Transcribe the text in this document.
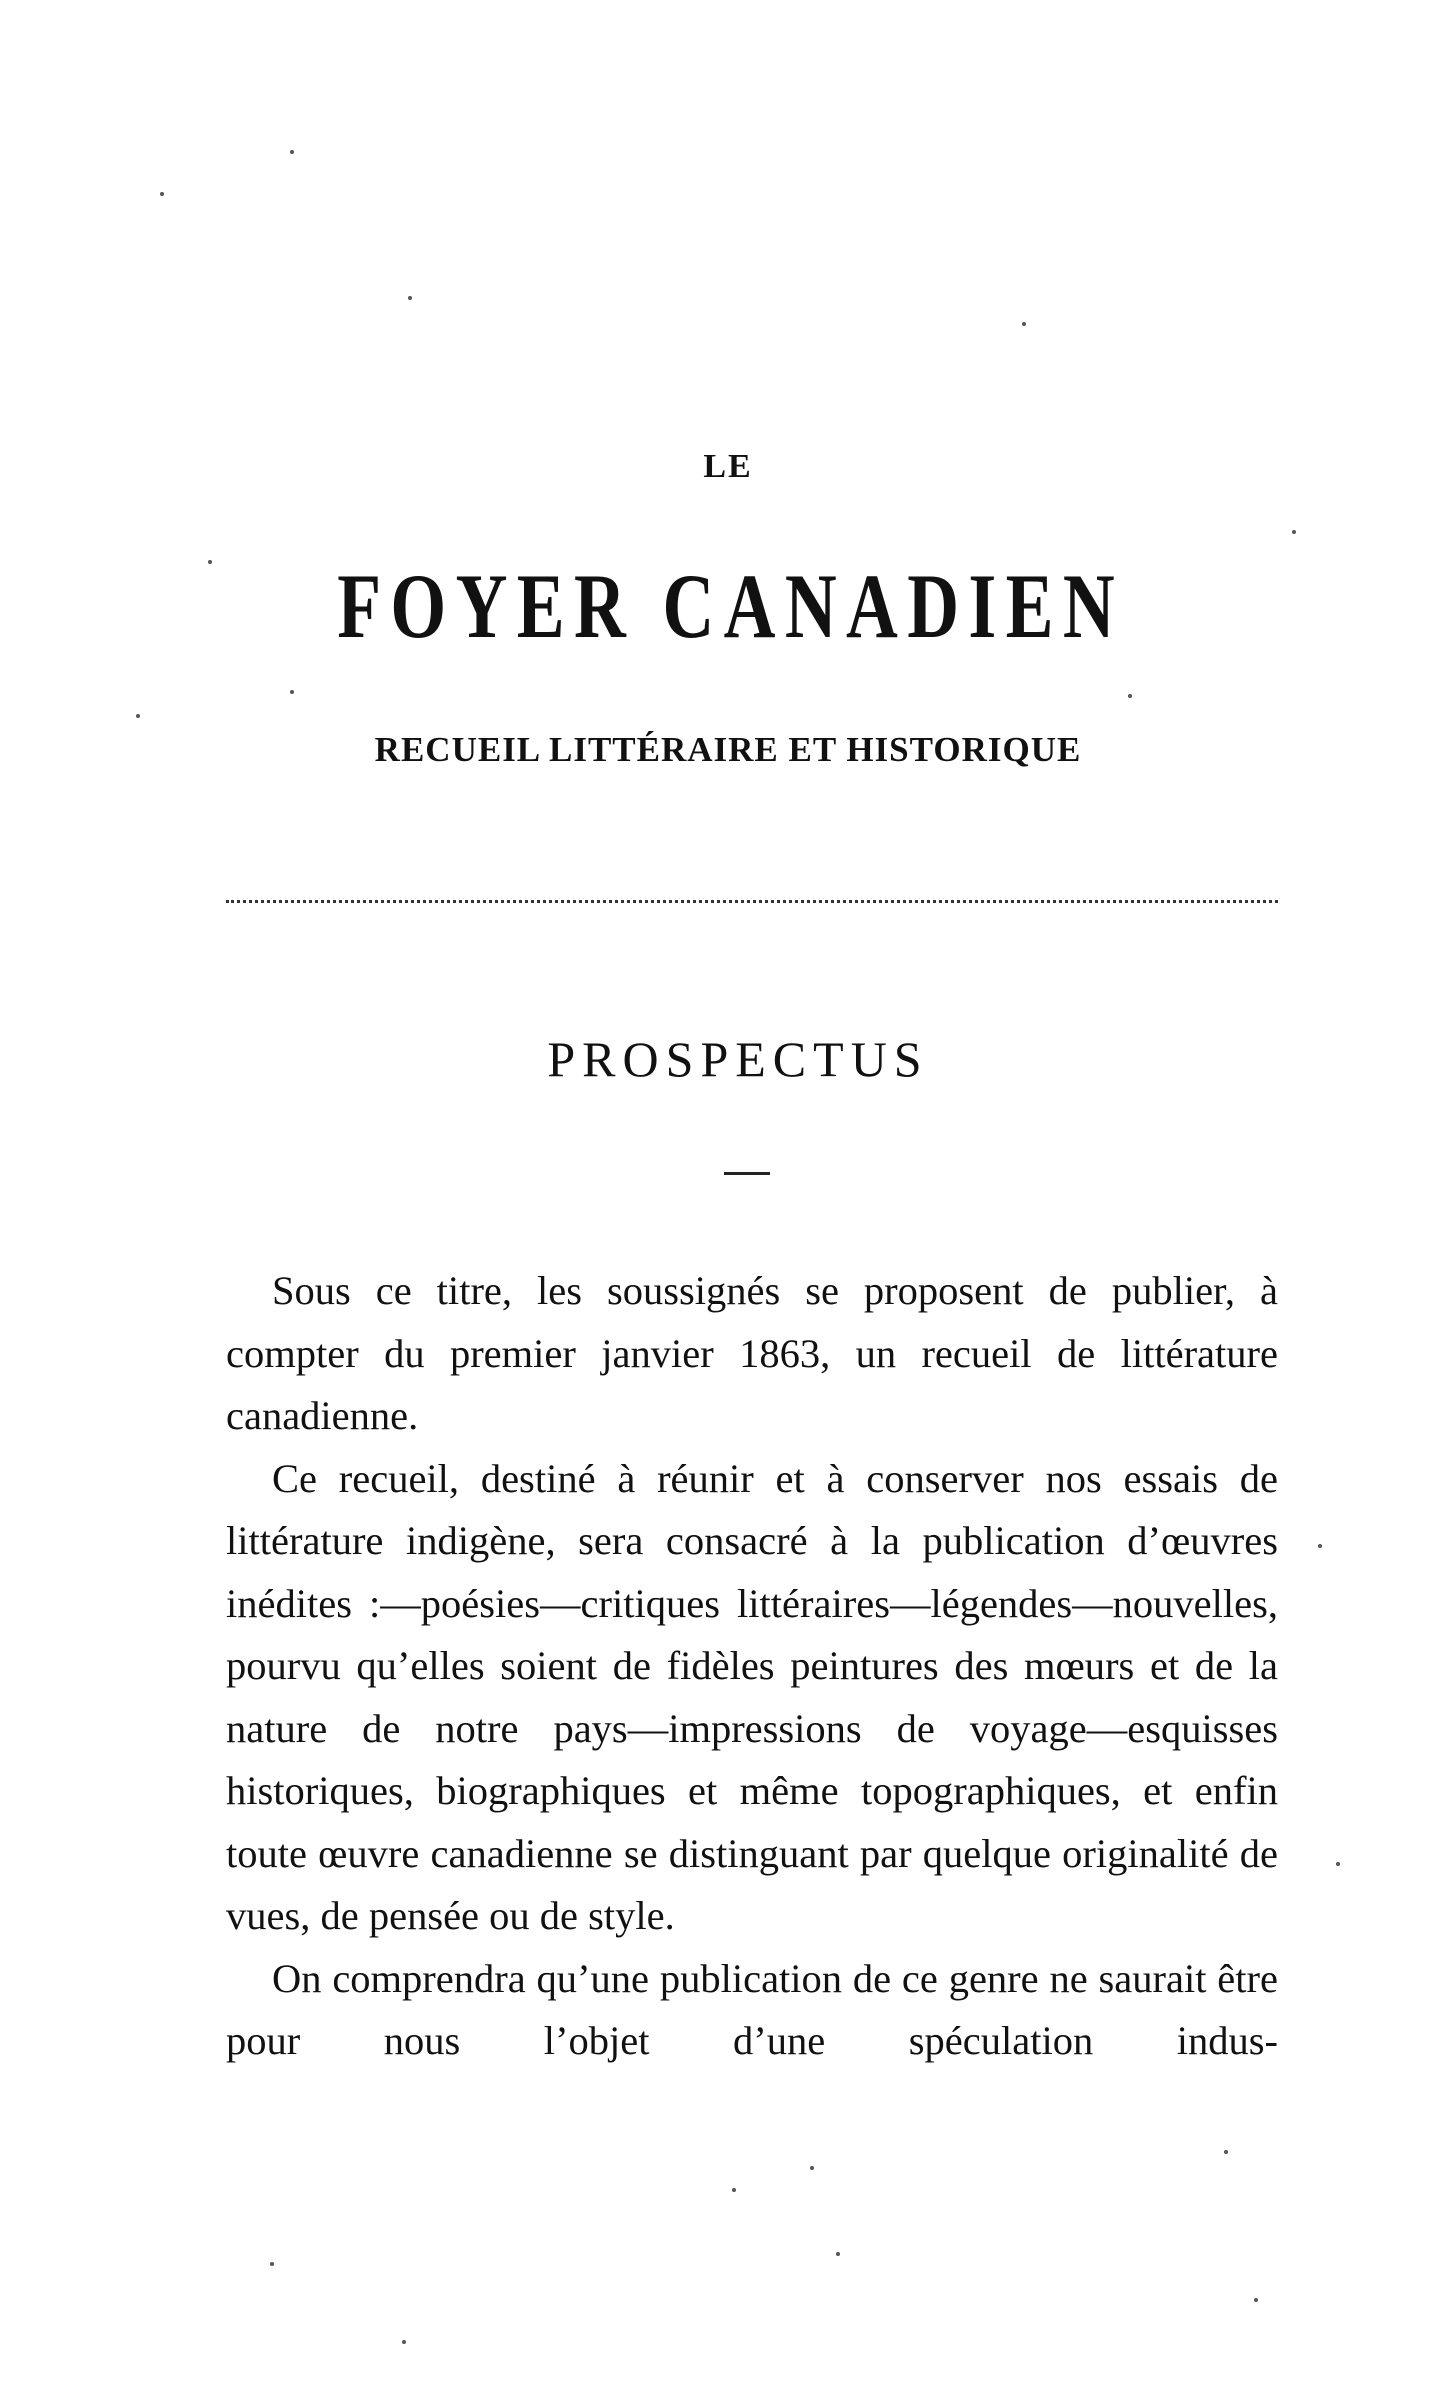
LE
FOYER CANADIEN
RECUEIL LITTÉRAIRE ET HISTORIQUE
PROSPECTUS

Sous ce titre, les soussignés se proposent de publier, à compter du premier janvier 1863, un recueil de littérature canadienne.

Ce recueil, destiné à réunir et à conserver nos essais de littérature indigène, sera consacré à la publication d’œuvres inédites :—poésies—critiques littéraires—légendes—nouvelles, pourvu qu’elles soient de fidèles peintures des mœurs et de la nature de notre pays—impressions de voyage—esquisses historiques, biographiques et même topographiques, et enfin toute œuvre canadienne se distinguant par quelque originalité de vues, de pensée ou de style.

On comprendra qu’une publication de ce genre ne saurait être pour nous l’objet d’une spéculation indus-
